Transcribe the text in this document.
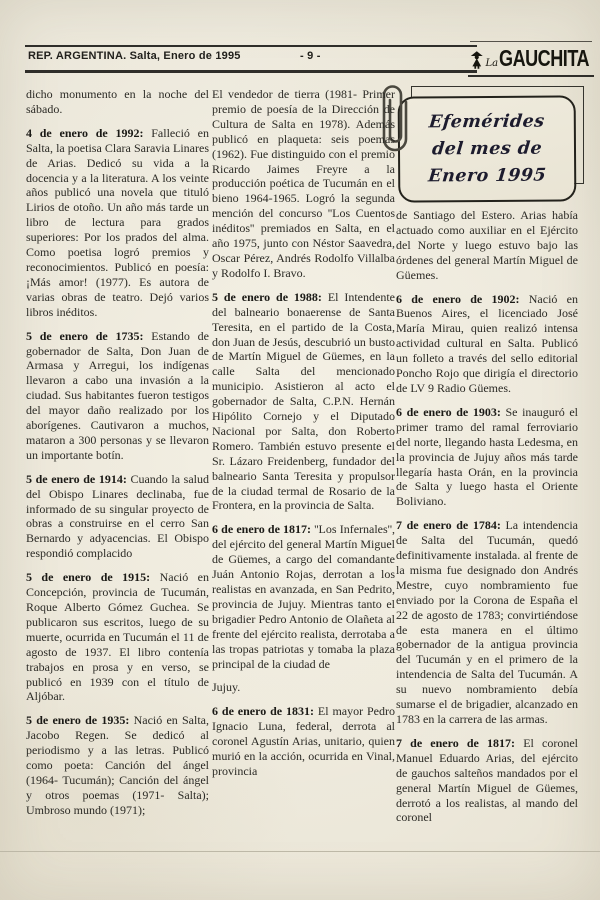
REP. ARGENTINA. Salta, Enero de 1995	- 9 -
La GAUCHITA
Efemérides
del mes de
Enero 1995

dicho monumento en la noche del sábado.

4 de enero de 1992: Falleció en Salta, la poetisa Clara Saravia Linares de Arias. Dedicó su vida a la docencia y a la literatura. A los veinte años publicó una novela que tituló Lirios de otoño. Un año más tarde un libro de lectura para grados superiores: Por los prados del alma. Como poetisa logró premios y reconocimientos. Publicó en poesía: ¡Más amor! (1977). Es autora de varias obras de teatro. Dejó varios libros inéditos.

5 de enero de 1735: Estando de gobernador de Salta, Don Juan de Armasa y Arregui, los indígenas llevaron a cabo una invasión a la ciudad. Sus habitantes fueron testigos del mayor daño realizado por los aborígenes. Cautivaron a muchos, mataron a 300 personas y se llevaron un importante botín.

5 de enero de 1914: Cuando la salud del Obispo Linares declinaba, fue informado de su singular proyecto de obras a construirse en el cerro San Bernardo y adyacencias. El Obispo respondió complacido

5 de enero de 1915: Nació en Concepción, provincia de Tucumán, Roque Alberto Gómez Guchea. Se publicaron sus escritos, luego de su muerte, ocurrida en Tucumán el 11 de agosto de 1937. El libro contenía trabajos en prosa y en verso, se publicó en 1939 con el título de Aljóbar.

5 de enero de 1935: Nació en Salta, Jacobo Regen. Se dedicó al periodismo y a las letras. Publicó como poeta: Canción del ángel (1964- Tucumán); Canción del ángel y otros poemas (1971- Salta); Umbroso mundo (1971);

El vendedor de tierra (1981- Primer premio de poesía de la Dirección de Cultura de Salta en 1978). Además publicó en plaqueta: seis poemas (1962). Fue distinguido con el premio Ricardo Jaimes Freyre a la producción poética de Tucumán en el bieno 1964-1965. Logró la segunda mención del concurso ''Los Cuentos inéditos'' premiados en Salta, en el año 1975, junto con Néstor Saavedra, Oscar Pérez, Andrés Rodolfo Villalba y Rodolfo I. Bravo.

5 de enero de 1988: El Intendente del balneario bonaerense de Santa Teresita, en el partido de la Costa, don Juan de Jesús, descubrió un busto de Martín Miguel de Güemes, en la calle Salta del mencionado municipio. Asistieron al acto el gobernador de Salta, C.P.N. Hernán Hipólito Cornejo y el Diputado Nacional por Salta, don Roberto Romero. También estuvo presente el Sr. Lázaro Freidenberg, fundador del balneario Santa Teresita y propulsor de la ciudad termal de Rosario de la Frontera, en la provincia de Salta.

6 de enero de 1817: ''Los Infernales'', del ejército del general Martín Miguel de Güemes, a cargo del comandante Juán Antonio Rojas, derrotan a los realistas en avanzada, en San Pedrito, provincia de Jujuy. Mientras tanto el brigadier Pedro Antonio de Olañeta al frente del ejército realista, derrotaba a las tropas patriotas y tomaba la plaza principal de la ciudad de

Jujuy.

6 de enero de 1831: El mayor Pedro Ignacio Luna, federal, derrota al coronel Agustín Arias, unitario, quien murió en la acción, ocurrida en Vinal, provincia

de Santiago del Estero. Arias había actuado como auxiliar en el Ejército del Norte y luego estuvo bajo las órdenes del general Martín Miguel de Güemes.

6 de enero de 1902: Nació en Buenos Aires, el licenciado José María Mirau, quien realizó intensa actividad cultural en Salta. Publicó un folleto a través del sello editorial Poncho Rojo que dirigía el directorio de LV 9 Radio Güemes.

6 de enero de 1903: Se inauguró el primer tramo del ramal ferroviario del norte, llegando hasta Ledesma, en la provincia de Jujuy años más tarde llegaría hasta Orán, en la provincia de Salta y luego hasta el Oriente Boliviano.

7 de enero de 1784: La intendencia de Salta del Tucumán, quedó definitivamente instalada. al frente de la misma fue designado don Andrés Mestre, cuyo nombramiento fue enviado por la Corona de España el 22 de agosto de 1783; convirtiéndose de esta manera en el último gobernador de la antigua provincia del Tucumán y en el primero de la intendencia de Salta del Tucumán. A su nuevo nombramiento debía sumarse el de brigadier, alcanzado en 1783 en la carrera de las armas.

7 de enero de 1817: El coronel Manuel Eduardo Arias, del ejército de gauchos salteños mandados por el general Martín Miguel de Güemes, derrotó a los realistas, al mando del coronel
